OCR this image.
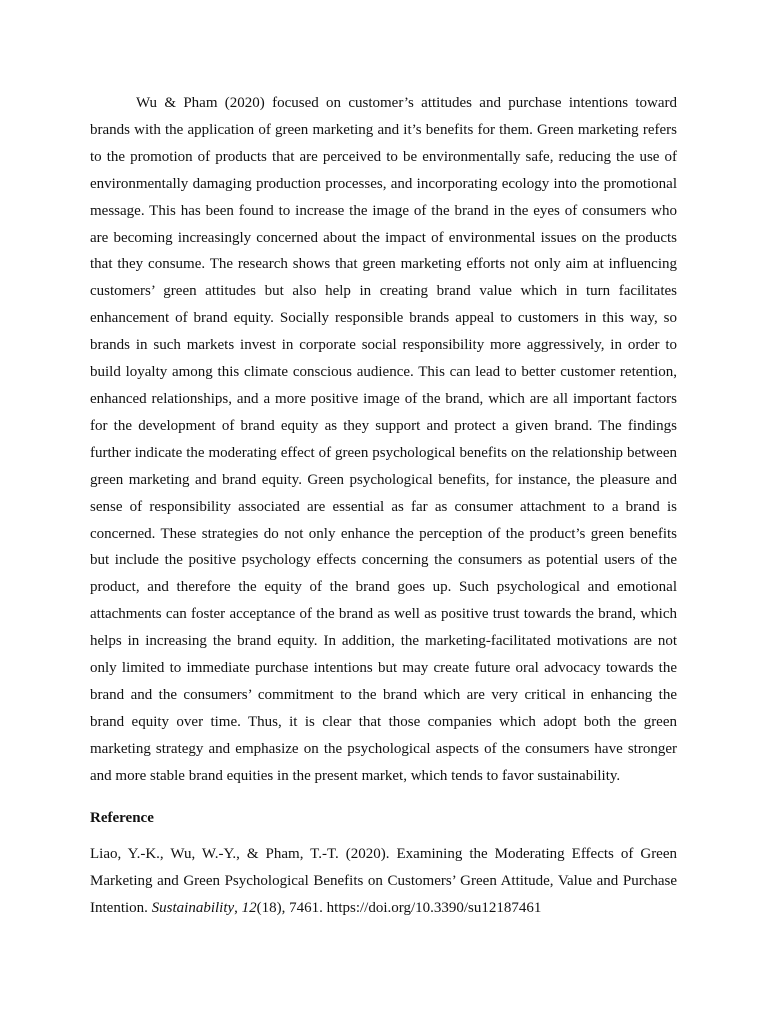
Wu & Pham (2020) focused on customer’s attitudes and purchase intentions toward brands with the application of green marketing and it’s benefits for them. Green marketing refers to the promotion of products that are perceived to be environmentally safe, reducing the use of environmentally damaging production processes, and incorporating ecology into the promotional message. This has been found to increase the image of the brand in the eyes of consumers who are becoming increasingly concerned about the impact of environmental issues on the products that they consume. The research shows that green marketing efforts not only aim at influencing customers’ green attitudes but also help in creating brand value which in turn facilitates enhancement of brand equity. Socially responsible brands appeal to customers in this way, so brands in such markets invest in corporate social responsibility more aggressively, in order to build loyalty among this climate conscious audience. This can lead to better customer retention, enhanced relationships, and a more positive image of the brand, which are all important factors for the development of brand equity as they support and protect a given brand. The findings further indicate the moderating effect of green psychological benefits on the relationship between green marketing and brand equity. Green psychological benefits, for instance, the pleasure and sense of responsibility associated are essential as far as consumer attachment to a brand is concerned. These strategies do not only enhance the perception of the product’s green benefits but include the positive psychology effects concerning the consumers as potential users of the product, and therefore the equity of the brand goes up. Such psychological and emotional attachments can foster acceptance of the brand as well as positive trust towards the brand, which helps in increasing the brand equity. In addition, the marketing-facilitated motivations are not only limited to immediate purchase intentions but may create future oral advocacy towards the brand and the consumers’ commitment to the brand which are very critical in enhancing the brand equity over time. Thus, it is clear that those companies which adopt both the green marketing strategy and emphasize on the psychological aspects of the consumers have stronger and more stable brand equities in the present market, which tends to favor sustainability.

Reference

Liao, Y.-K., Wu, W.-Y., & Pham, T.-T. (2020). Examining the Moderating Effects of Green Marketing and Green Psychological Benefits on Customers’ Green Attitude, Value and Purchase Intention. Sustainability, 12(18), 7461. https://doi.org/10.3390/su12187461
